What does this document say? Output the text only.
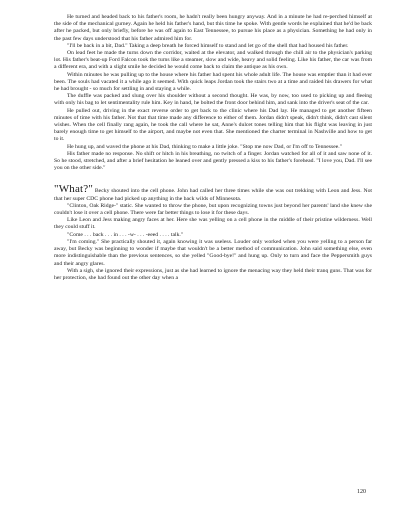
He turned and headed back to his father's room, he hadn't really been hungry anyway. And in a minute he had re-perched himself at the side of the mechanical gurney. Again he held his father's hand, but this time he spoke. With gentle words he explained that he'd be back after he packed, but only briefly, before he was off again to East Tennessee, to pursue his place as a physician. Something he had only in the past few days understood that his father admired him for.

"I'll be back in a bit, Dad." Taking a deep breath he forced himself to stand and let go of the shell that had housed his father.

On lead feet he made the turns down the corridor, waited at the elevator, and walked through the chill air to the physician's parking lot. His father's beat-up Ford Falcon took the turns like a steamer, slow and wide, heavy and solid feeling. Like his father, the car was from a different era, and with a slight smile he decided he would come back to claim the antique as his own.

Within minutes he was pulling up to the house where his father had spent his whole adult life. The house was emptier than it had ever been. The souls had vacated it a while ago it seemed. With quick leaps Jordan took the stairs two at a time and raided his drawers for what he had brought - so much for settling in and staying a while.

The duffle was packed and slung over his shoulder without a second thought. He was, by now, too used to picking up and fleeing with only his bag to let sentimentality rule him. Key in hand, he bolted the front door behind him, and sank into the driver's seat of the car.

He pulled out, driving in the exact reverse order to get back to the clinic where his Dad lay. He managed to get another fifteen minutes of time with his father. Not that that time made any difference to either of them. Jordan didn't speak, didn't think, didn't cast silent wishes. When the cell finally rang again, he took the call where he sat, Anne's dulcet tones telling him that his flight was leaving in just barely enough time to get himself to the airport, and maybe not even that. She mentioned the charter terminal in Nashville and how to get to it.

He hung up, and waved the phone at his Dad, thinking to make a little joke. "Stop me now Dad, or I'm off to Tennessee."

His father made no response. No shift or hitch in his breathing, no twitch of a finger. Jordan watched for all of it and saw none of it. So he stood, stretched, and after a brief hesitation he leaned over and gently pressed a kiss to his father's forehead. "I love you, Dad. I'll see you on the other side."

"What?" Becky shouted into the cell phone. John had called her three times while she was out trekking with Leon and Jess. Not that her super CDC phone had picked up anything in the back wilds of Minnesota.

"Clinton, Oak Ridge-" static. She wanted to throw the phone, but upon recognizing towns just beyond her parents' land she knew she couldn't lose it over a cell phone. There were far better things to lose it for these days.

Like Leon and Jess making angry faces at her. Here she was yelling on a cell phone in the middle of their pristine wilderness. Well they could stuff it.

"Come . . . back . . . in . . . -w- . . . -eeed . . . . talk."

"I'm coming." She practically shouted it, again knowing it was useless. Louder only worked when you were yelling to a person far away, but Becky was beginning to wonder if maybe that wouldn't be a better method of communication. John said something else, even more indistinguishable than the previous sentences, so she yelled "Good-bye!" and hung up. Only to turn and face the Peppersmith guys and their angry glares.

With a sigh, she ignored their expressions, just as she had learned to ignore the menacing way they held their tranq guns. That was for her protection, she had found out the other day when a

120
